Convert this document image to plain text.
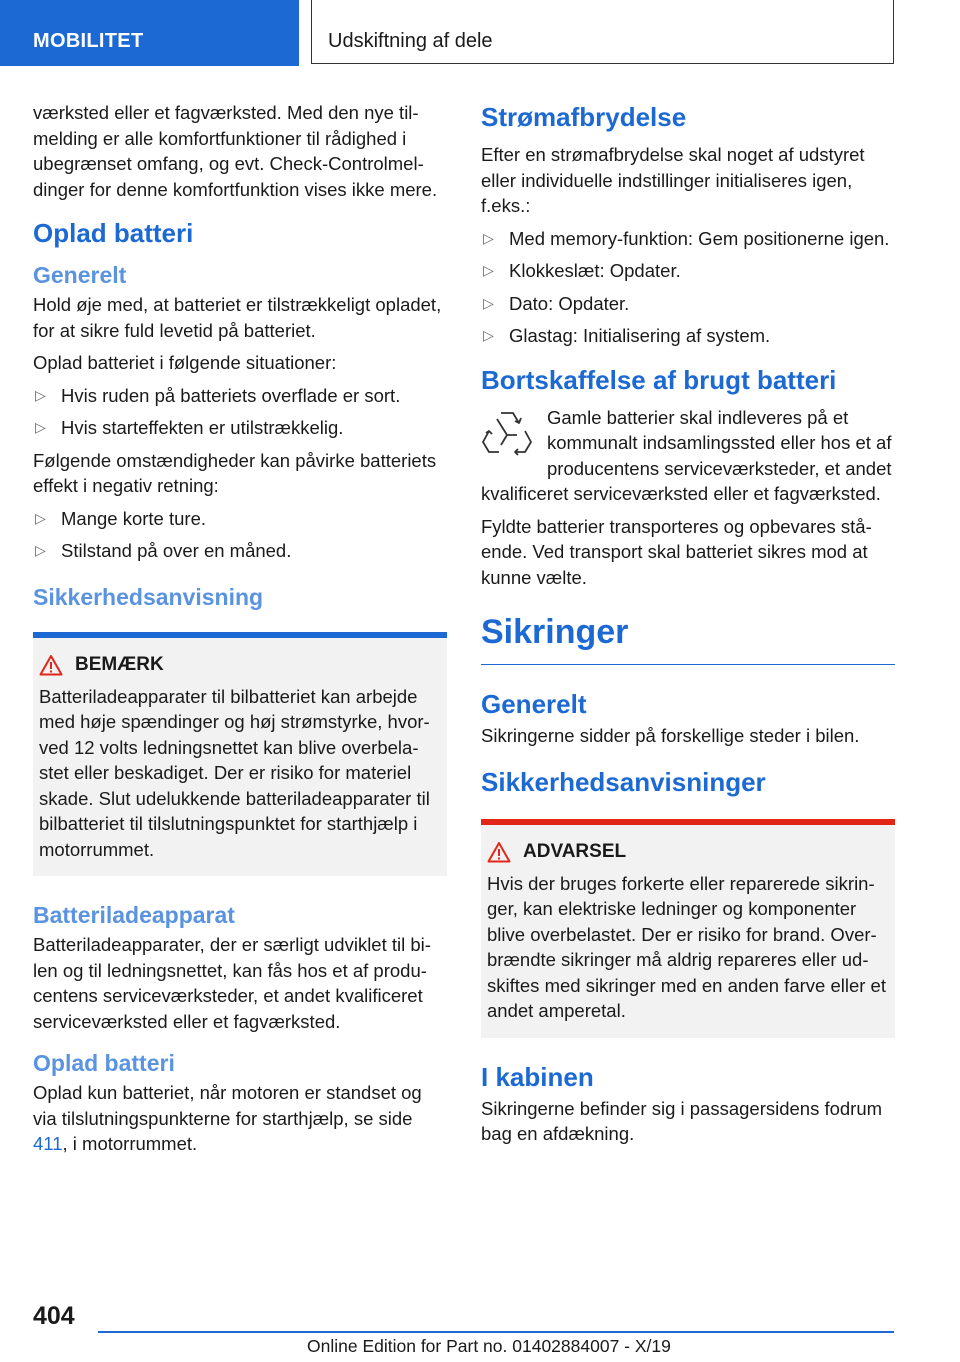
MOBILITET	Udskiftning af dele

værksted eller et fagværksted. Med den nye tilmelding er alle komfortfunktioner til rådighed i ubegrænset omfang, og evt. Check-Controlmeldinger for denne komfortfunktion vises ikke mere.

Oplad batteri
Generelt

Hold øje med, at batteriet er tilstrækkeligt opladet, for at sikre fuld levetid på batteriet.

Oplad batteriet i følgende situationer:

▷ Hvis ruden på batteriets overflade er sort.
▷ Hvis starteffekten er utilstrækkelig.

Følgende omstændigheder kan påvirke batteriets effekt i negativ retning:

▷ Mange korte ture.
▷ Stilstand på over en måned.
Sikkerhedsanvisning
BEMÆRK

Batteriladeapparater til bilbatteriet kan arbejde med høje spændinger og høj strømstyrke, hvorved 12 volts ledningsnettet kan blive overbelastet eller beskadiget. Der er risiko for materiel skade. Slut udelukkende batteriladeapparater til bilbatteriet til tilslutningspunktet for starthjælp i motorrummet.

Batteriladeapparat

Batteriladeapparater, der er særligt udviklet til bilen og til ledningsnettet, kan fås hos et af producentens serviceværksteder, et andet kvalificeret serviceværksted eller et fagværksted.

Oplad batteri

Oplad kun batteriet, når motoren er standset og via tilslutningspunkterne for starthjælp, se side 411, i motorrummet.

Strømafbrydelse

Efter en strømafbrydelse skal noget af udstyret eller individuelle indstillinger initialiseres igen, f.eks.:

▷ Med memory-funktion: Gem positionerne igen.
▷ Klokkeslæt: Opdater.
▷ Dato: Opdater.
▷ Glastag: Initialisering af system.
Bortskaffelse af brugt batteri

Gamle batterier skal indleveres på et kommunalt indsamlingssted eller hos et af producentens serviceværksteder, et andet kvalificeret serviceværksted eller et fagværksted.

Fyldte batterier transporteres og opbevares stående. Ved transport skal batteriet sikres mod at kunne vælte.

Sikringer
Generelt

Sikringerne sidder på forskellige steder i bilen.

Sikkerhedsanvisninger
ADVARSEL

Hvis der bruges forkerte eller reparerede sikringer, kan elektriske ledninger og komponenter blive overbelastet. Der er risiko for brand. Overbrændte sikringer må aldrig repareres eller udskiftes med sikringer med en anden farve eller et andet amperetal.

I kabinen

Sikringerne befinder sig i passagersidens fodrum bag en afdækning.

404
Online Edition for Part no. 01402884007 - X/19
